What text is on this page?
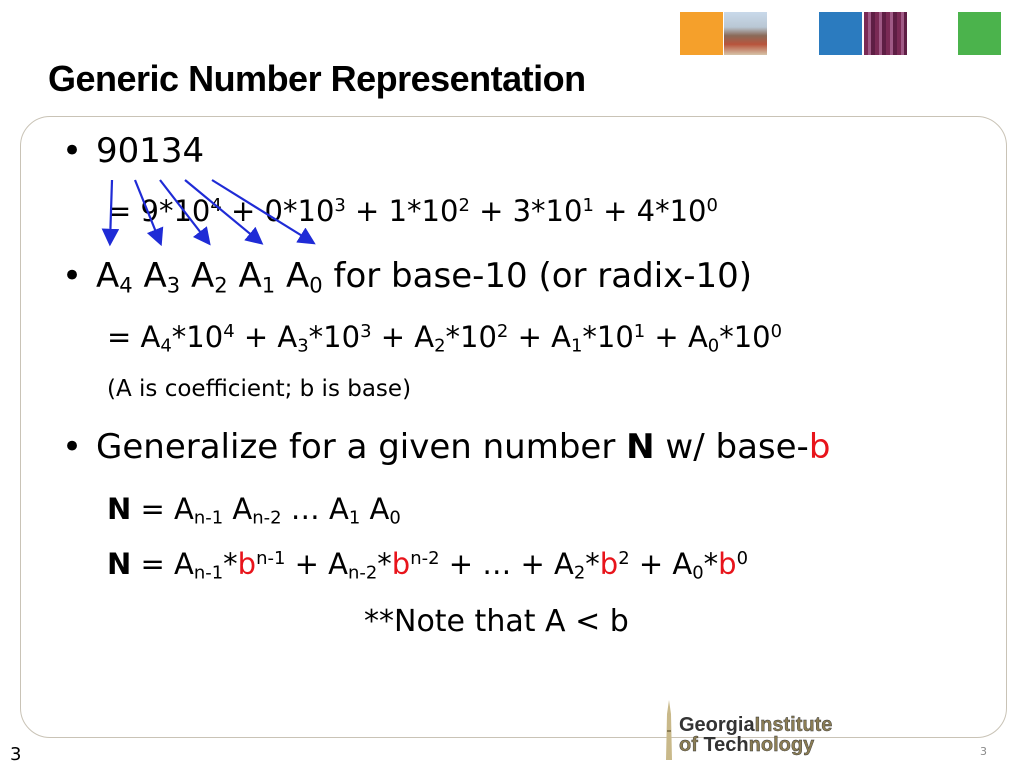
Generic Number Representation
• 90134
= $9*10^4 + 0*10^3 + 1*10^2 + 3*10^1 + 4*10^0$
• $A_4$ $A_3$ $A_2$ $A_1$ $A_0$ for base-10 (or radix-10)
= $A_4*10^4 + A_3*10^3 + A_2*10^2 + A_1*10^1 + A_0*10^0$
(A is coefficient; b is base)
• Generalize for a given number N w/ base-b
$N = A_{n-1}$ $A_{n-2}$ … $A_1$ $A_0$
$N = A_{n-1}*b^{n-1} + A_{n-2}*b^{n-2}$ + … + $A_2*b^2 + A_0*b^0$
**Note that A < b
GeorgiaInstitute
of Technology
3	3
